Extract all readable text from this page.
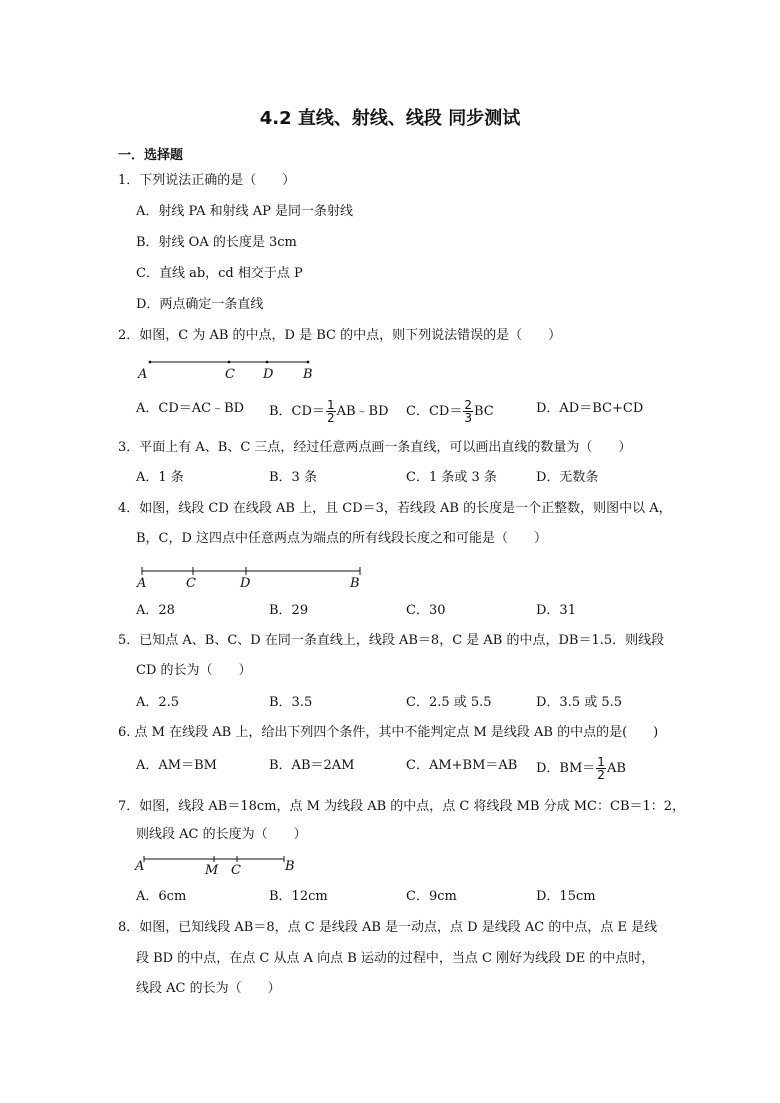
4.2 直线、射线、线段 同步测试
一．选择题
1．下列说法正确的是（　　）
A．射线 PA 和射线 AP 是同一条射线
B．射线 OA 的长度是 3cm
C．直线 ab，cd 相交于点 P
D．两点确定一条直线
2．如图，C 为 AB 的中点，D 是 BC 的中点，则下列说法错误的是（　　）
A	C D B
A．CD＝AC﹣BD B．$CD= \frac{1}{2}$ AB﹣BD C．$CD= \frac{2}{3}$ BC	D．AD＝BC+CD
3．平面上有 A、B、C 三点，经过任意两点画一条直线，可以画出直线的数量为（　　）
A．1 条	B．3 条	C．1 条或 3 条	D．无数条
4．如图，线段 CD 在线段 AB 上，且 CD＝3，若线段 AB 的长度是一个正整数，则图中以 A，
B，C，D 这四点中任意两点为端点的所有线段长度之和可能是（　　）
A	C	D	B
A．28	B．29	C．30	D．31
5．已知点 A、B、C、D 在同一条直线上，线段 AB＝8，C 是 AB 的中点，DB＝1.5．则线段
CD 的长为（　　）
A．2.5	B．3.5	C．2.5 或 5.5	D．3.5 或 5.5
6. 点 M 在线段 AB 上，给出下列四个条件，其中不能判定点 M 是线段 AB 的中点的是(　　)
A．AM＝BM	B．AB＝2AM	C．AM+BM＝AB D．$BM= \frac{1}{2}$ AB
7．如图，线段 AB＝18cm，点 M 为线段 AB 的中点，点 C 将线段 MB 分成 MC：CB＝1：2，
则线段 AC 的长度为（　　）
A	M C	B
A．6cm	B．12cm	C．9cm	D．15cm
8．如图，已知线段 AB＝8，点 C 是线段 AB 是一动点，点 D 是线段 AC 的中点，点 E 是线
段 BD 的中点，在点 C 从点 A 向点 B 运动的过程中，当点 C 刚好为线段 DE 的中点时，
线段 AC 的长为（　　）
